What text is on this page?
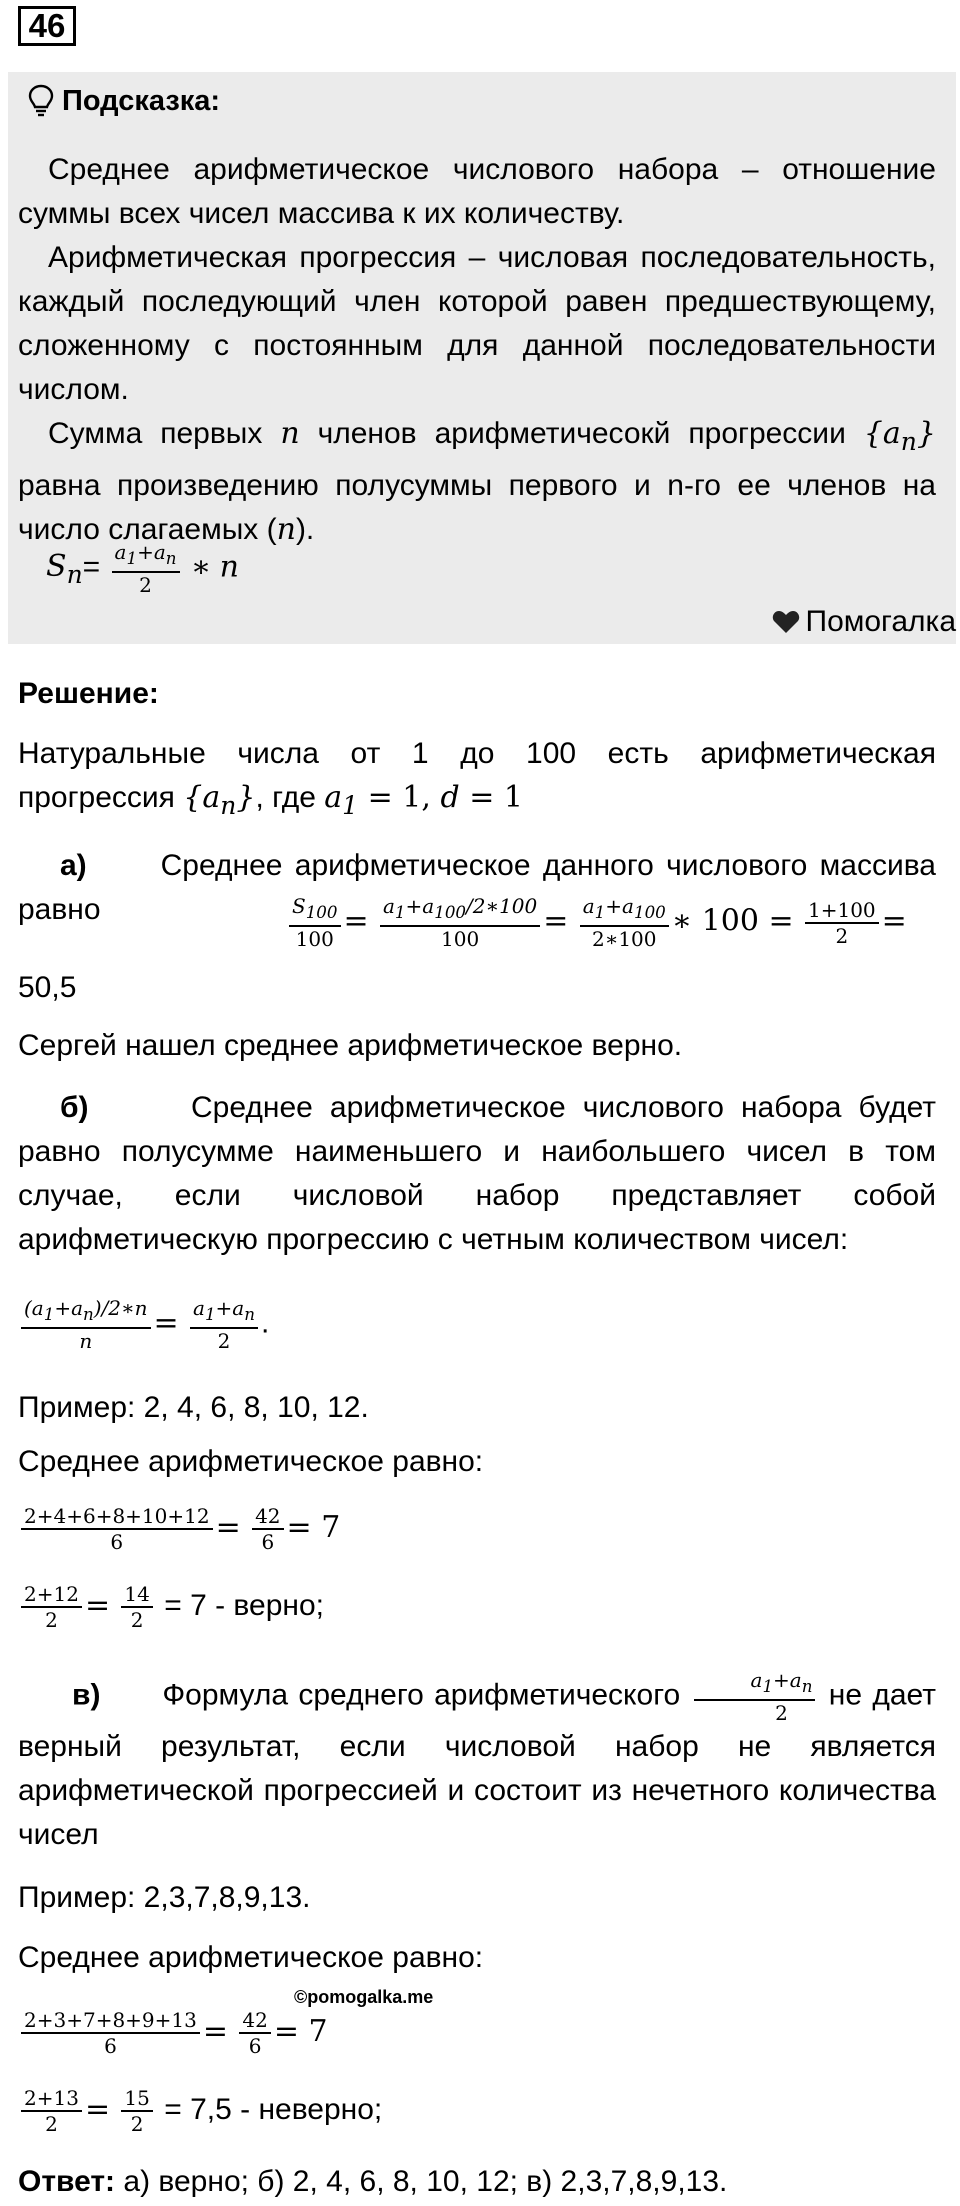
46
Подсказка:
Среднее арифметическое числового набора – отношение суммы всех чисел массива к их количеству.
Арифметическая прогрессия – числовая последовательность, каждый последующий член которой равен предшествующему, сложенному с постоянным для данной последовательности числом.
Сумма первых n членов арифметичесокй прогрессии $\{a_n\}$ равна произведению полусуммы первого и n-го ее членов на число слагаемых (n).
$S_n= \frac{a_1+a_n}{2}$ ∗ n
Помогалка
Решение:
Натуральные числа от 1 до 100 есть арифметическая прогрессия $\{a_n\}$, где $a_1 = 1$, d = 1
а) Среднее арифметическое данного числового массива равно	$\frac{S_{100}}{100} = \frac{a_1+a_{100}/2∗100}{100} = \frac{a_1+a_{100}}{2∗100}$ ∗ $100 = \frac{1+100}{2}$ =
50,5
Сергей нашел среднее арифметическое верно.
б)	Среднее арифметическое числового набора будет равно полусумме наименьшего и наибольшего чисел в том случае, если числовой набор представляет собой арифметическую прогрессию с четным количеством чисел:
$\frac{(a_1+a_n)/2∗n}{n} = \frac{a_1+a_n}{2}$ .
Пример: 2, 4, 6, 8, 10, 12.
Среднее арифметическое равно:
$\frac{2+4+6+8+10+12}{6} = \frac{42}{6} = 7$
$\frac{2+12}{2} = \frac{14}{2} = 7$ - верно;
в) Формула среднего арифметического $\frac{a_1+a_n}{2}$ не дает верный результат, если числовой набор не является арифметической прогрессией и состоит из нечетного количества чисел
Пример: 2,3,7,8,9,13.
Среднее арифметическое равно:
$\frac{2+3+7+8+9+13}{6} = \frac{42}{6} = 7$
©pomogalka.me
$\frac{2+13}{2} = \frac{15}{2} = 7,5$ - неверно;
Ответ: а) верно; б) 2, 4, 6, 8, 10, 12; в) 2,3,7,8,9,13.
